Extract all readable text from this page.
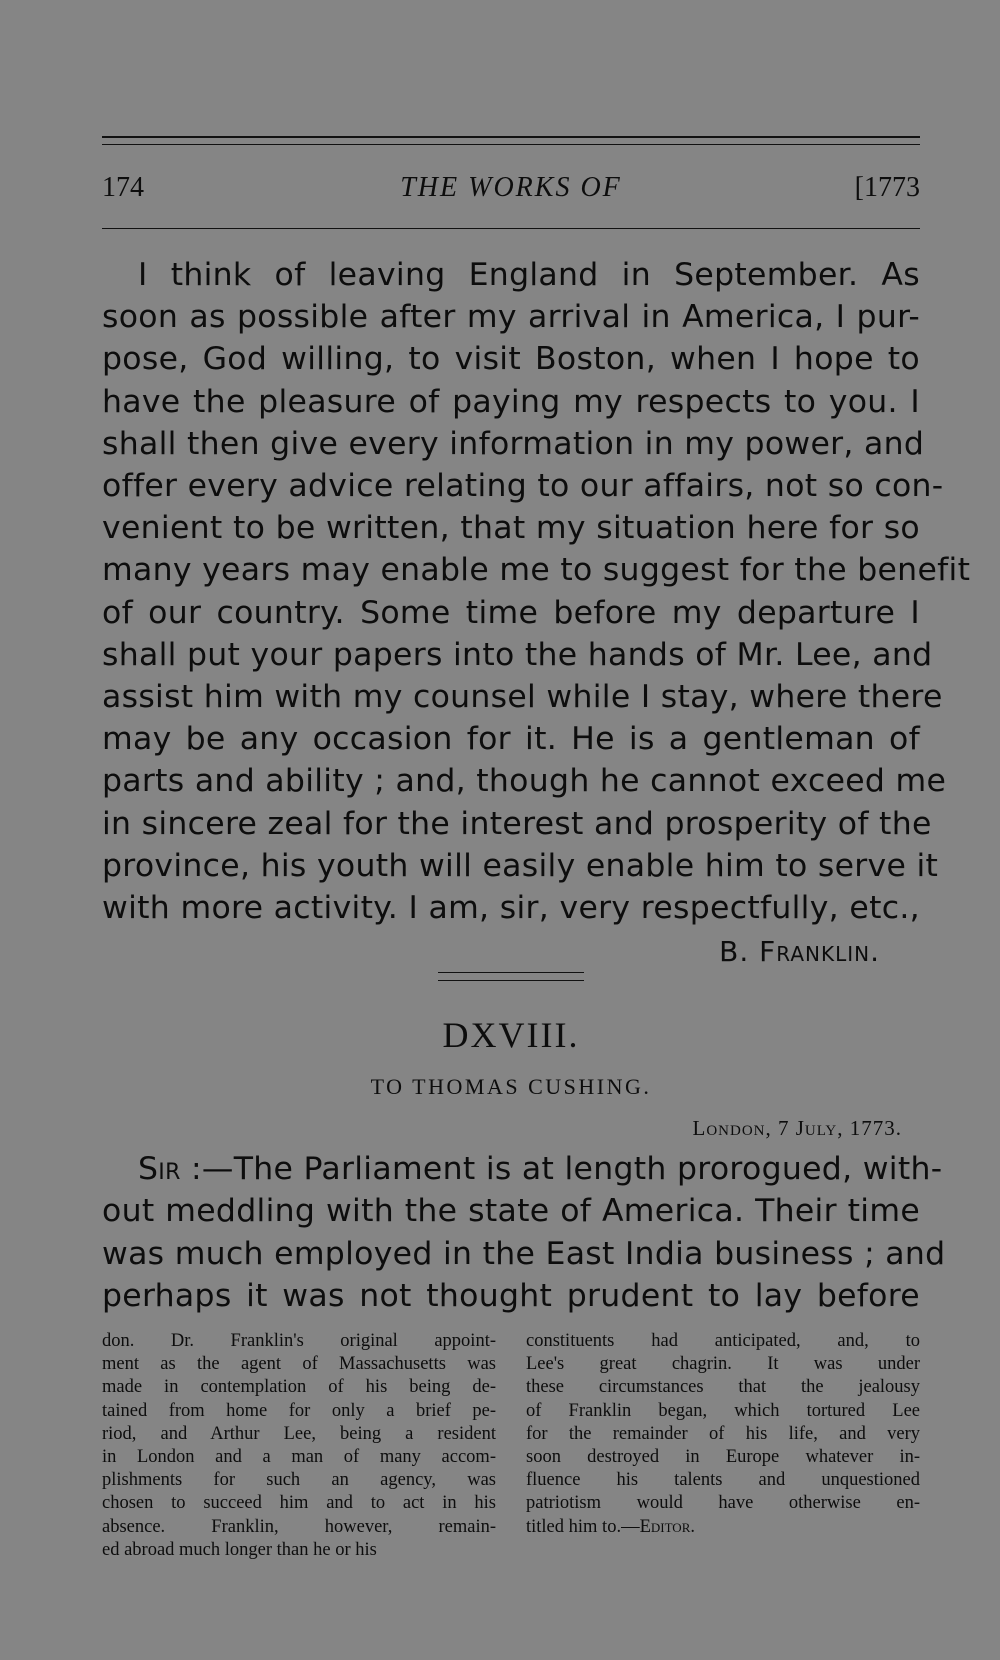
174	THE WORKS OF	[1773
I think of leaving England in September. As
soon as possible after my arrival in America, I pur-
pose, God willing, to visit Boston, when I hope to
have the pleasure of paying my respects to you. I
shall then give every information in my power, and
offer every advice relating to our affairs, not so con-
venient to be written, that my situation here for so
many years may enable me to suggest for the benefit
of our country. Some time before my departure I
shall put your papers into the hands of Mr. Lee, and
assist him with my counsel while I stay, where there
may be any occasion for it. He is a gentleman of
parts and ability ; and, though he cannot exceed me
in sincere zeal for the interest and prosperity of the
province, his youth will easily enable him to serve it
with more activity. I am, sir, very respectfully, etc.,
B. Franklin.
DXVIII.
TO THOMAS CUSHING.
London, 7 July, 1773.
Sir :—The Parliament is at length prorogued, with-
out meddling with the state of America. Their time
was much employed in the East India business ; and
perhaps it was not thought prudent to lay before
don. Dr. Franklin's original appoint-
ment as the agent of Massachusetts was
made in contemplation of his being de-
tained from home for only a brief pe-
riod, and Arthur Lee, being a resident
in London and a man of many accom-
plishments for such an agency, was
chosen to succeed him and to act in his
absence. Franklin, however, remain-
ed abroad much longer than he or his
constituents had anticipated, and, to
Lee's great chagrin. It was under
these circumstances that the jealousy
of Franklin began, which tortured Lee
for the remainder of his life, and very
soon destroyed in Europe whatever in-
fluence his talents and unquestioned
patriotism would have otherwise en-
titled him to.—Editor.
